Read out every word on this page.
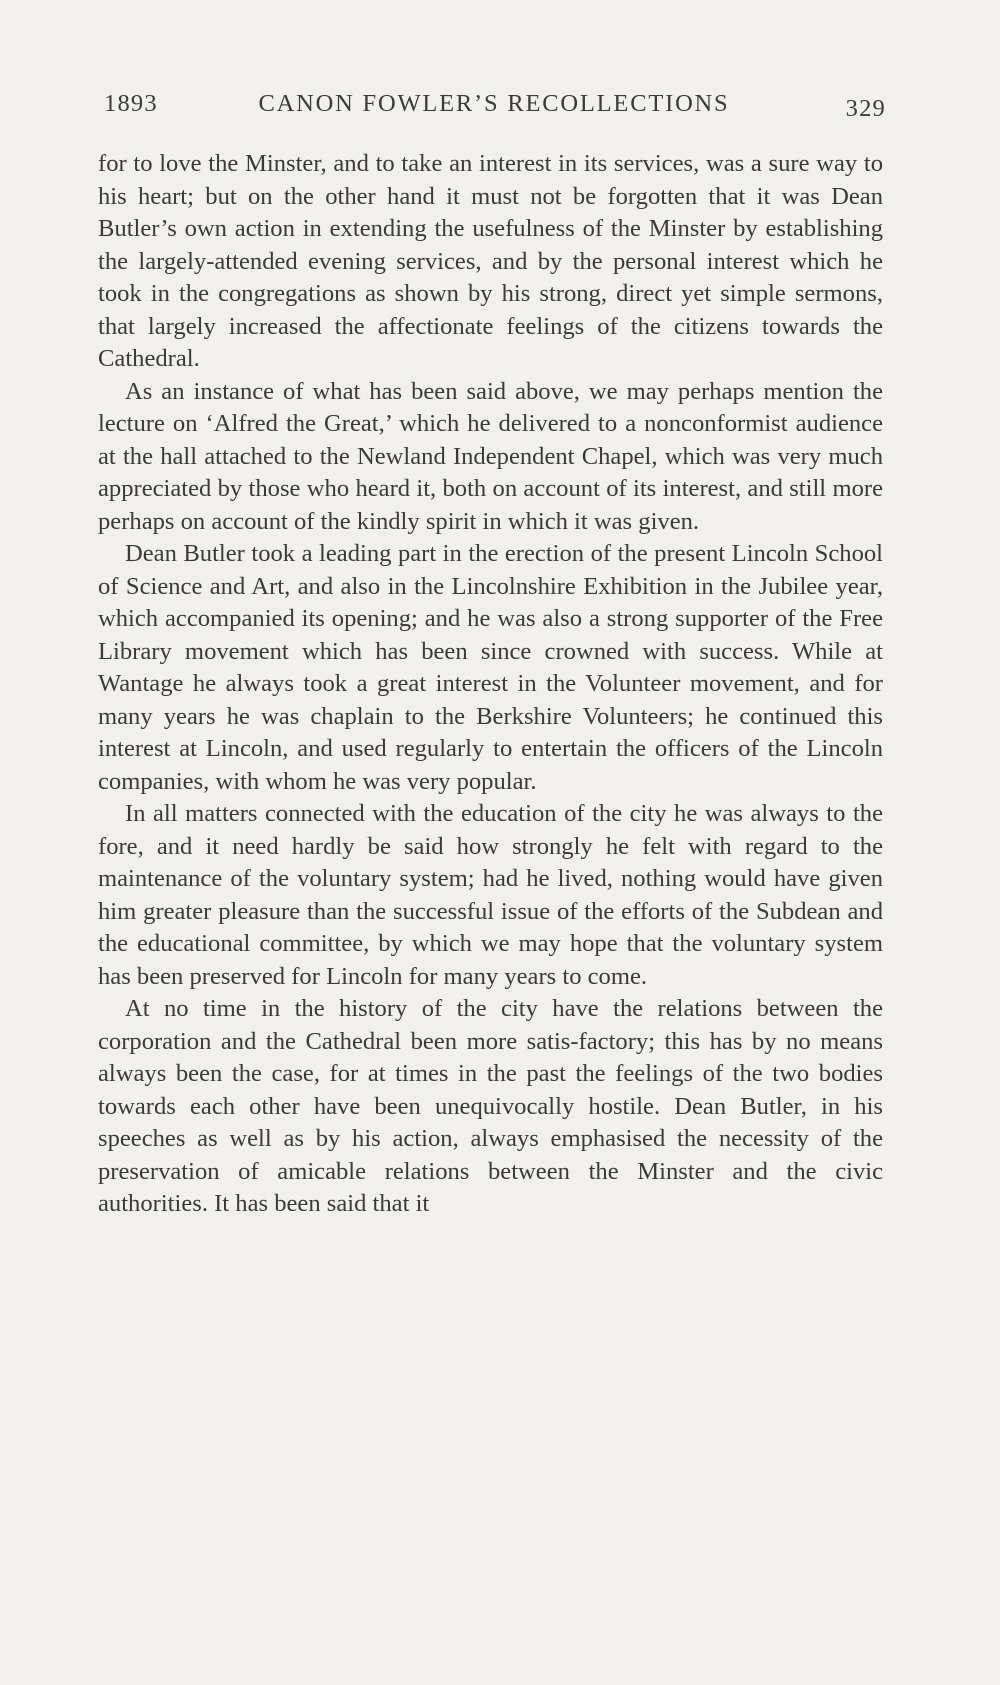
1893	CANON FOWLER’S RECOLLECTIONS	329

for to love the Minster, and to take an interest in its services, was a sure way to his heart; but on the other hand it must not be forgotten that it was Dean Butler’s own action in extending the usefulness of the Minster by establishing the largely-attended evening services, and by the personal interest which he took in the congregations as shown by his strong, direct yet simple sermons, that largely increased the affectionate feelings of the citizens towards the Cathedral.

As an instance of what has been said above, we may perhaps mention the lecture on ‘Alfred the Great,’ which he delivered to a nonconformist audience at the hall attached to the Newland Independent Chapel, which was very much appreciated by those who heard it, both on account of its interest, and still more perhaps on account of the kindly spirit in which it was given.

Dean Butler took a leading part in the erection of the present Lincoln School of Science and Art, and also in the Lincolnshire Exhibition in the Jubilee year, which accompanied its opening; and he was also a strong supporter of the Free Library movement which has been since crowned with success. While at Wantage he always took a great interest in the Volunteer movement, and for many years he was chaplain to the Berkshire Volunteers; he continued this interest at Lincoln, and used regularly to entertain the officers of the Lincoln companies, with whom he was very popular.

In all matters connected with the education of the city he was always to the fore, and it need hardly be said how strongly he felt with regard to the maintenance of the voluntary system; had he lived, nothing would have given him greater pleasure than the successful issue of the efforts of the Subdean and the educational committee, by which we may hope that the voluntary system has been preserved for Lincoln for many years to come.

At no time in the history of the city have the relations between the corporation and the Cathedral been more satis-factory; this has by no means always been the case, for at times in the past the feelings of the two bodies towards each other have been unequivocally hostile. Dean Butler, in his speeches as well as by his action, always emphasised the necessity of the preservation of amicable relations between the Minster and the civic authorities. It has been said that it
